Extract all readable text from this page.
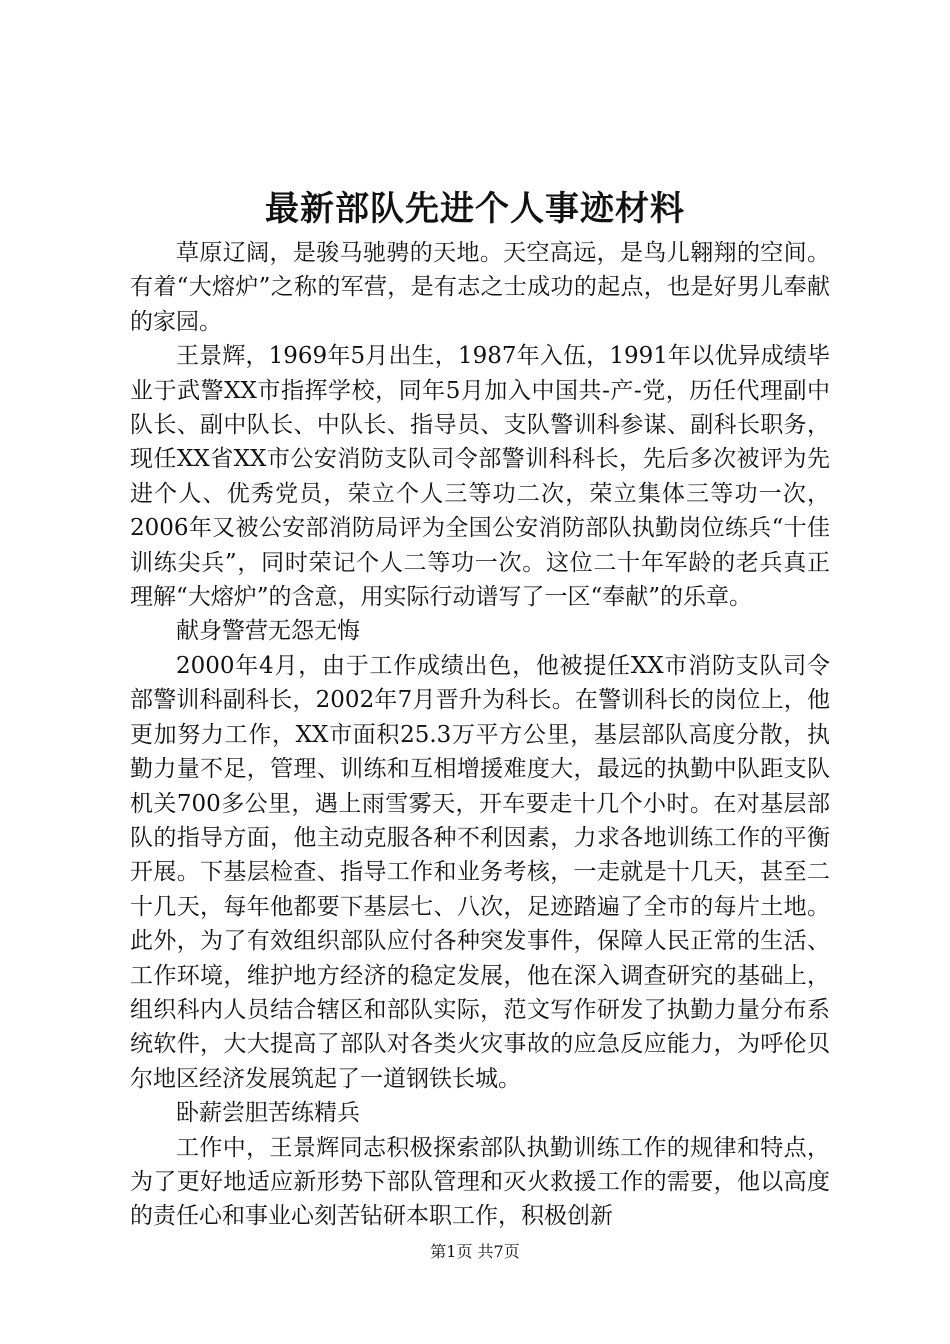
最新部队先进个人事迹材料

草原辽阔，是骏马驰骋的天地。天空高远，是鸟儿翱翔的空间。有着“大熔炉”之称的军营，是有志之士成功的起点，也是好男儿奉献的家园。

王景辉，1969年5月出生，1987年入伍，1991年以优异成绩毕业于武警XX市指挥学校，同年5月加入中国共-产-党，历任代理副中队长、副中队长、中队长、指导员、支队警训科参谋、副科长职务，现任XX省XX市公安消防支队司令部警训科科长，先后多次被评为先进个人、优秀党员，荣立个人三等功二次，荣立集体三等功一次，2006年又被公安部消防局评为全国公安消防部队执勤岗位练兵“十佳训练尖兵”，同时荣记个人二等功一次。这位二十年军龄的老兵真正理解“大熔炉”的含意，用实际行动谱写了一区“奉献”的乐章。

献身警营无怨无悔

2000年4月，由于工作成绩出色，他被提任XX市消防支队司令部警训科副科长，2002年7月晋升为科长。在警训科长的岗位上，他更加努力工作，XX市面积25.3万平方公里，基层部队高度分散，执勤力量不足，管理、训练和互相增援难度大，最远的执勤中队距支队机关700多公里，遇上雨雪雾天，开车要走十几个小时。在对基层部队的指导方面，他主动克服各种不利因素，力求各地训练工作的平衡开展。下基层检查、指导工作和业务考核，一走就是十几天，甚至二十几天，每年他都要下基层七、八次，足迹踏遍了全市的每片土地。此外，为了有效组织部队应付各种突发事件，保障人民正常的生活、工作环境，维护地方经济的稳定发展，他在深入调查研究的基础上，组织科内人员结合辖区和部队实际，范文写作研发了执勤力量分布系统软件，大大提高了部队对各类火灾事故的应急反应能力，为呼伦贝尔地区经济发展筑起了一道钢铁长城。

卧薪尝胆苦练精兵

工作中，王景辉同志积极探索部队执勤训练工作的规律和特点，为了更好地适应新形势下部队管理和灭火救援工作的需要，他以高度的责任心和事业心刻苦钻研本职工作，积极创新

第1页 共7页
